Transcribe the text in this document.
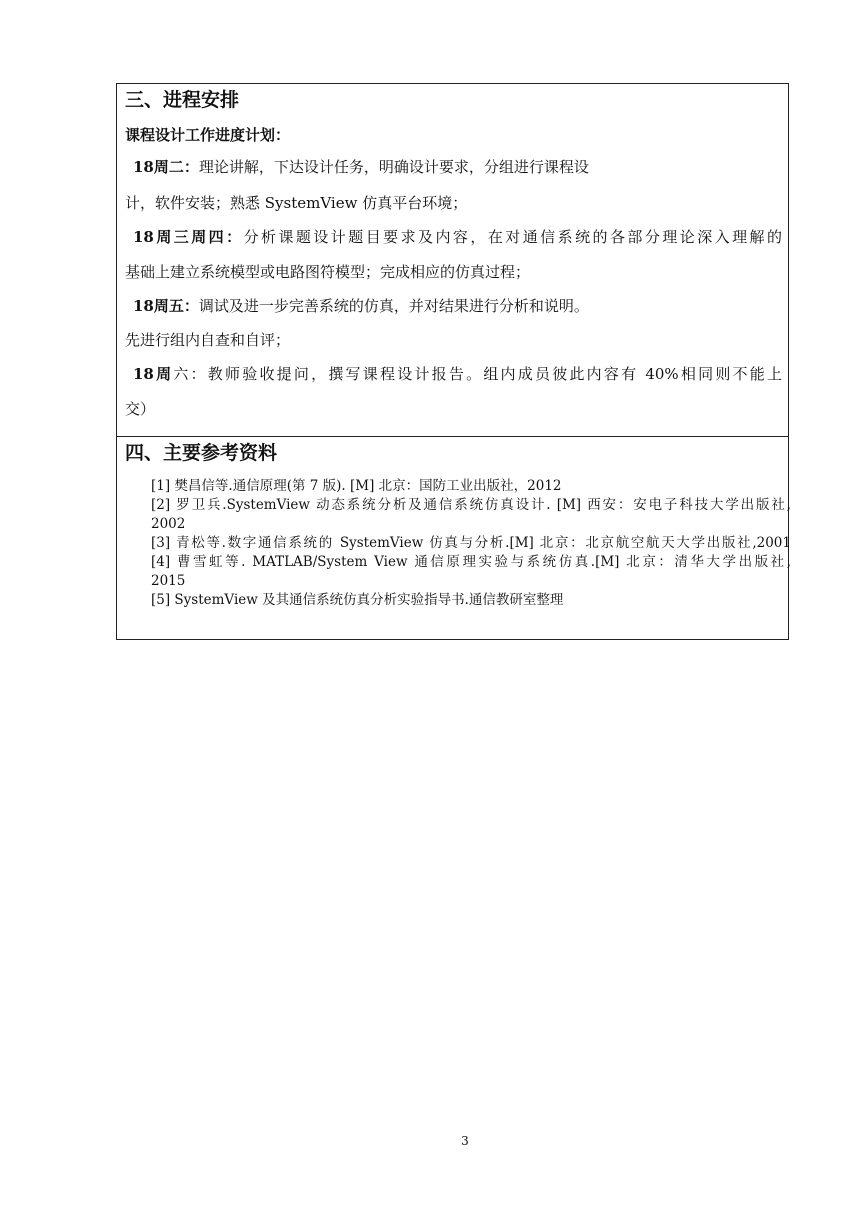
三、进程安排
课程设计工作进度计划：
18周二：理论讲解，下达设计任务，明确设计要求，分组进行课程设
计，软件安装；熟悉 SystemView 仿真平台环境；
18周三周四：分析课题设计题目要求及内容，在对通信系统的各部分理论深入理解的
基础上建立系统模型或电路图符模型；完成相应的仿真过程；
18周五：调试及进一步完善系统的仿真，并对结果进行分析和说明。
先进行组内自查和自评；
18周六：教师验收提问，撰写课程设计报告。组内成员彼此内容有 40%相同则不能上
交）
四、主要参考资料
[1] 樊昌信等.通信原理(第 7 版). [M] 北京：国防工业出版社，2012
[2] 罗卫兵.SystemView 动态系统分析及通信系统仿真设计. [M] 西安：安电子科技大学出版社,
2002
[3] 青松等.数字通信系统的 SystemView 仿真与分析.[M] 北京：北京航空航天大学出版社,2001
[4] 曹雪虹等. MATLAB/System View 通信原理实验与系统仿真.[M] 北京：清华大学出版社,
2015
[5] SystemView 及其通信系统仿真分析实验指导书.通信教研室整理
3
